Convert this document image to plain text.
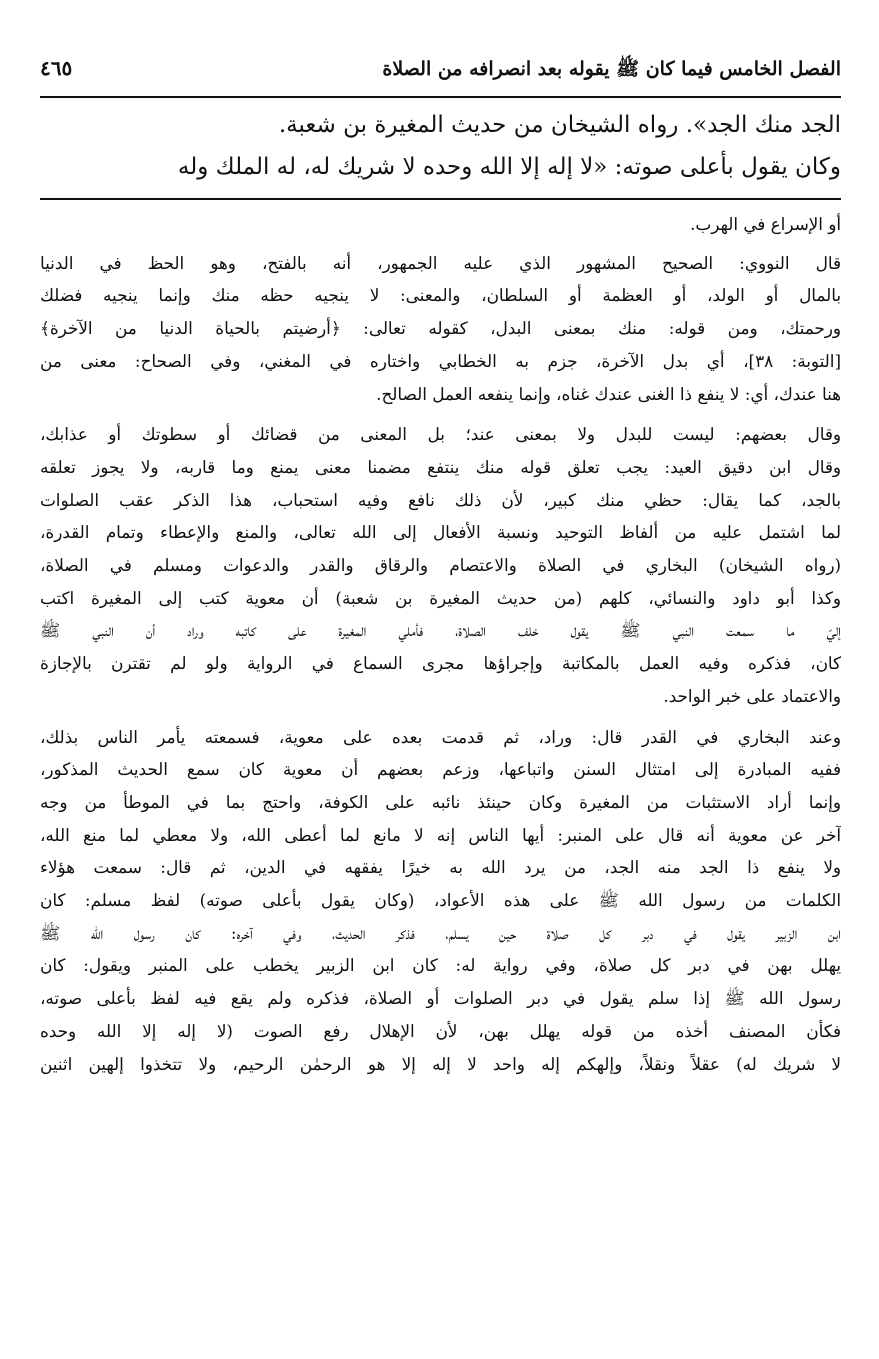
الفصل الخامس فيما كان ﷺ يقوله بعد انصرافه من الصلاة
٤٦٥

الجد منك الجد». رواه الشيخان من حديث المغيرة بن شعبة.

وكان يقول بأعلى صوته: «لا إله إلا الله وحده لا شريك له، له الملك وله

أو الإسراع في الهرب.

قال النووي: الصحيح المشهور الذي عليه الجمهور، أنه بالفتح، وهو الحظ في الدنيا
بالمال أو الولد، أو العظمة أو السلطان، والمعنى: لا ينجيه حظه منك وإنما ينجيه فضلك
ورحمتك، ومن قوله: منك بمعنى البدل، كقوله تعالى: ﴿أرضيتم بالحياة الدنيا من الآخرة﴾
[التوبة: ٣٨]، أي بدل الآخرة، جزم به الخطابي واختاره في المغني، وفي الصحاح: معنى من
هنا عندك، أي: لا ينفع ذا الغنى عندك غناه، وإنما ينفعه العمل الصالح.

وقال بعضهم: ليست للبدل ولا بمعنى عند؛ بل المعنى من قضائك أو سطوتك أو عذابك،
وقال ابن دقيق العيد: يجب تعلق قوله منك ينتفع مضمنا معنى يمنع وما قاربه، ولا يجوز تعلقه
بالجد، كما يقال: حظي منك كبير، لأن ذلك نافع وفيه استحباب، هذا الذكر عقب الصلوات
لما اشتمل عليه من ألفاظ التوحيد ونسبة الأفعال إلى الله تعالى، والمنع والإعطاء وتمام القدرة،
(رواه الشيخان) البخاري في الصلاة والاعتصام والرقاق والقدر والدعوات ومسلم في الصلاة،
وكذا أبو داود والنسائي، كلهم (من حديث المغيرة بن شعبة) أن معوية كتب إلى المغيرة اكتب
إليّ ما سمعت النبي ﷺ يقول خلف الصلاة، فأملي المغيرة على كاتبه وراد أن النبي ﷺ
كان، فذكره وفيه العمل بالمكاتبة وإجراؤها مجرى السماع في الرواية ولو لم تقترن بالإجازة
والاعتماد على خبر الواحد.

وعند البخاري في القدر قال: وراد، ثم قدمت بعده على معوية، فسمعته يأمر الناس بذلك،
ففيه المبادرة إلى امتثال السنن واتباعها، وزعم بعضهم أن معوية كان سمع الحديث المذكور،
وإنما أراد الاستثبات من المغيرة وكان حينئذ نائبه على الكوفة، واحتج بما في الموطأ من وجه
آخر عن معوية أنه قال على المنبر: أيها الناس إنه لا مانع لما أعطى الله، ولا معطي لما منع الله،
ولا ينفع ذا الجد منه الجد، من يرد الله به خيرًا يفقهه في الدين، ثم قال: سمعت هؤلاء
الكلمات من رسول الله ﷺ على هذه الأعواد، (وكان يقول بأعلى صوته) لفظ مسلم: كان
ابن الزبير يقول في دبر كل صلاة حين يسلم، فذكر الحديث، وفي آخره: كان رسول الله ﷺ
يهلل بهن في دبر كل صلاة، وفي رواية له: كان ابن الزبير يخطب على المنبر ويقول: كان
رسول الله ﷺ إذا سلم يقول في دبر الصلوات أو الصلاة، فذكره ولم يقع فيه لفظ بأعلى صوته،
فكأن المصنف أخذه من قوله يهلل بهن، لأن الإهلال رفع الصوت (لا إله إلا الله وحده
لا شريك له) عقلاً ونقلاً، وإلهكم إله واحد لا إله إلا هو الرحمٰن الرحيم، ولا تتخذوا إلهين اثنين
